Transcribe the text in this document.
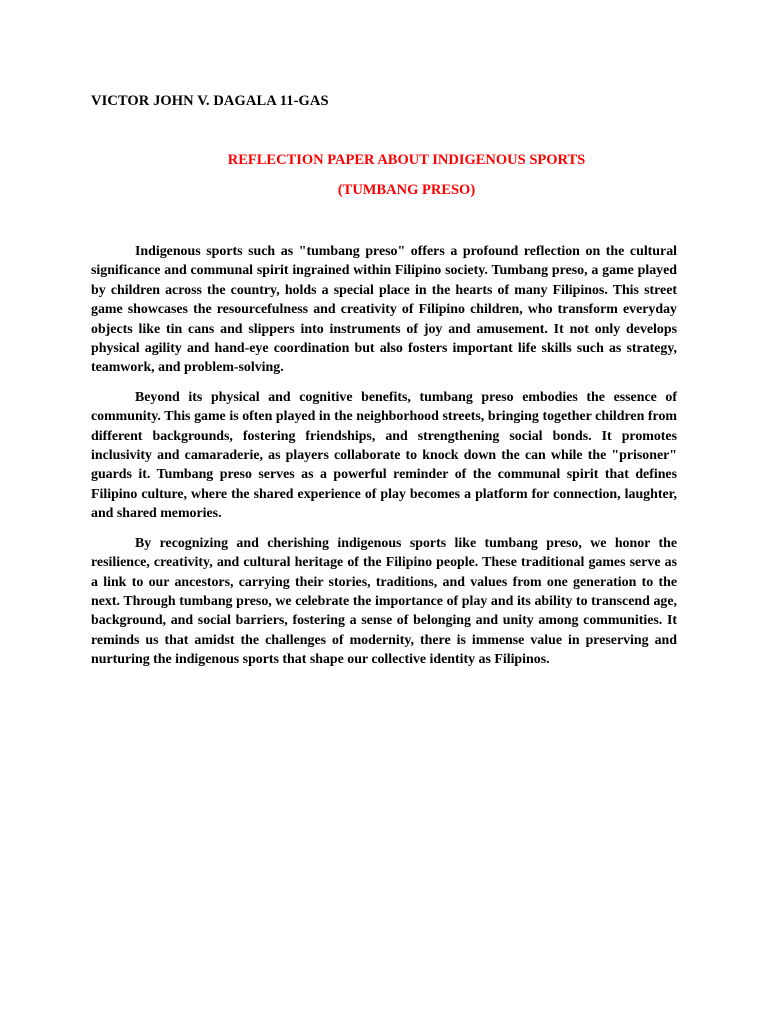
VICTOR JOHN V. DAGALA 11-GAS
REFLECTION PAPER ABOUT INDIGENOUS SPORTS
(TUMBANG PRESO)

Indigenous sports such as "tumbang preso" offers a profound reflection on the cultural significance and communal spirit ingrained within Filipino society. Tumbang preso, a game played by children across the country, holds a special place in the hearts of many Filipinos. This street game showcases the resourcefulness and creativity of Filipino children, who transform everyday objects like tin cans and slippers into instruments of joy and amusement. It not only develops physical agility and hand-eye coordination but also fosters important life skills such as strategy, teamwork, and problem-solving.

Beyond its physical and cognitive benefits, tumbang preso embodies the essence of community. This game is often played in the neighborhood streets, bringing together children from different backgrounds, fostering friendships, and strengthening social bonds. It promotes inclusivity and camaraderie, as players collaborate to knock down the can while the "prisoner" guards it. Tumbang preso serves as a powerful reminder of the communal spirit that defines Filipino culture, where the shared experience of play becomes a platform for connection, laughter, and shared memories.

By recognizing and cherishing indigenous sports like tumbang preso, we honor the resilience, creativity, and cultural heritage of the Filipino people. These traditional games serve as a link to our ancestors, carrying their stories, traditions, and values from one generation to the next. Through tumbang preso, we celebrate the importance of play and its ability to transcend age, background, and social barriers, fostering a sense of belonging and unity among communities. It reminds us that amidst the challenges of modernity, there is immense value in preserving and nurturing the indigenous sports that shape our collective identity as Filipinos.
